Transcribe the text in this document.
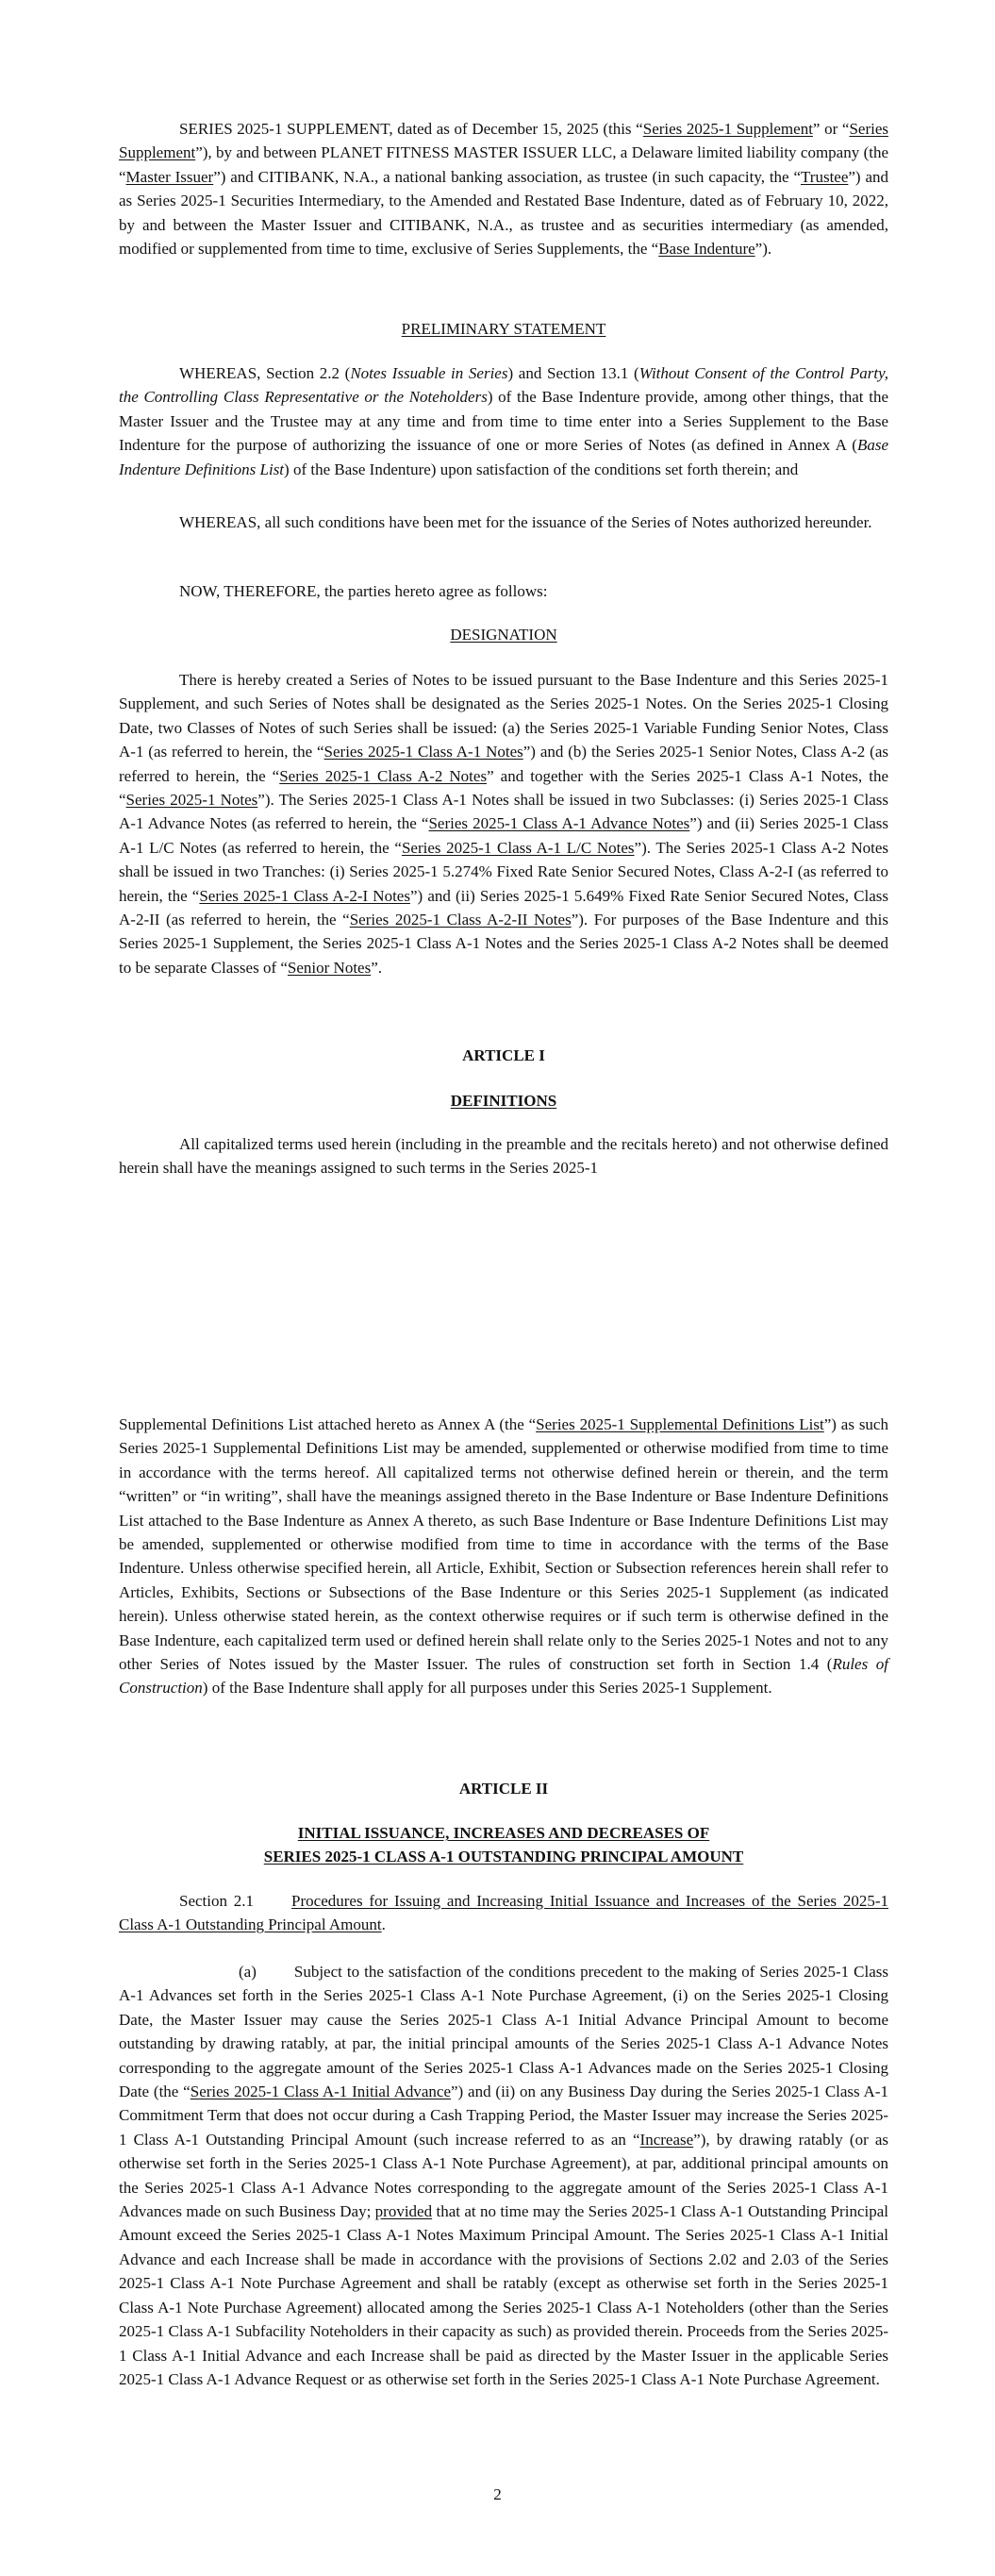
SERIES 2025-1 SUPPLEMENT, dated as of December 15, 2025 (this “Series 2025-1 Supplement” or “Series Supplement”), by and between PLANET FITNESS MASTER ISSUER LLC, a Delaware limited liability company (the “Master Issuer”) and CITIBANK, N.A., a national banking association, as trustee (in such capacity, the “Trustee”) and as Series 2025-1 Securities Intermediary, to the Amended and Restated Base Indenture, dated as of February 10, 2022, by and between the Master Issuer and CITIBANK, N.A., as trustee and as securities intermediary (as amended, modified or supplemented from time to time, exclusive of Series Supplements, the “Base Indenture”).

PRELIMINARY STATEMENT

WHEREAS, Section 2.2 (Notes Issuable in Series) and Section 13.1 (Without Consent of the Control Party, the Controlling Class Representative or the Noteholders) of the Base Indenture provide, among other things, that the Master Issuer and the Trustee may at any time and from time to time enter into a Series Supplement to the Base Indenture for the purpose of authorizing the issuance of one or more Series of Notes (as defined in Annex A (Base Indenture Definitions List) of the Base Indenture) upon satisfaction of the conditions set forth therein; and

WHEREAS, all such conditions have been met for the issuance of the Series of Notes authorized hereunder.

NOW, THEREFORE, the parties hereto agree as follows:

DESIGNATION

There is hereby created a Series of Notes to be issued pursuant to the Base Indenture and this Series 2025-1 Supplement, and such Series of Notes shall be designated as the Series 2025-1 Notes. On the Series 2025-1 Closing Date, two Classes of Notes of such Series shall be issued: (a) the Series 2025-1 Variable Funding Senior Notes, Class A-1 (as referred to herein, the “Series 2025-1 Class A-1 Notes”) and (b) the Series 2025-1 Senior Notes, Class A-2 (as referred to herein, the “Series 2025-1 Class A-2 Notes” and together with the Series 2025-1 Class A-1 Notes, the “Series 2025-1 Notes”). The Series 2025-1 Class A-1 Notes shall be issued in two Subclasses: (i) Series 2025-1 Class A-1 Advance Notes (as referred to herein, the “Series 2025-1 Class A-1 Advance Notes”) and (ii) Series 2025-1 Class A-1 L/C Notes (as referred to herein, the “Series 2025-1 Class A-1 L/C Notes”). The Series 2025-1 Class A-2 Notes shall be issued in two Tranches: (i) Series 2025-1 5.274% Fixed Rate Senior Secured Notes, Class A-2-I (as referred to herein, the “Series 2025-1 Class A-2-I Notes”) and (ii) Series 2025-1 5.649% Fixed Rate Senior Secured Notes, Class A-2-II (as referred to herein, the “Series 2025-1 Class A-2-II Notes”). For purposes of the Base Indenture and this Series 2025-1 Supplement, the Series 2025-1 Class A-1 Notes and the Series 2025-1 Class A-2 Notes shall be deemed to be separate Classes of “Senior Notes”.

ARTICLE I
DEFINITIONS

All capitalized terms used herein (including in the preamble and the recitals hereto) and not otherwise defined herein shall have the meanings assigned to such terms in the Series 2025-1

Supplemental Definitions List attached hereto as Annex A (the “Series 2025-1 Supplemental Definitions List”) as such Series 2025-1 Supplemental Definitions List may be amended, supplemented or otherwise modified from time to time in accordance with the terms hereof. All capitalized terms not otherwise defined herein or therein, and the term “written” or “in writing”, shall have the meanings assigned thereto in the Base Indenture or Base Indenture Definitions List attached to the Base Indenture as Annex A thereto, as such Base Indenture or Base Indenture Definitions List may be amended, supplemented or otherwise modified from time to time in accordance with the terms of the Base Indenture. Unless otherwise specified herein, all Article, Exhibit, Section or Subsection references herein shall refer to Articles, Exhibits, Sections or Subsections of the Base Indenture or this Series 2025-1 Supplement (as indicated herein). Unless otherwise stated herein, as the context otherwise requires or if such term is otherwise defined in the Base Indenture, each capitalized term used or defined herein shall relate only to the Series 2025-1 Notes and not to any other Series of Notes issued by the Master Issuer. The rules of construction set forth in Section 1.4 (Rules of Construction) of the Base Indenture shall apply for all purposes under this Series 2025-1 Supplement.

ARTICLE II
INITIAL ISSUANCE, INCREASES AND DECREASES OF
SERIES 2025-1 CLASS A-1 OUTSTANDING PRINCIPAL AMOUNT

Section 2.1 Procedures for Issuing and Increasing Initial Issuance and Increases of the Series 2025-1 Class A-1 Outstanding Principal Amount.

(a) Subject to the satisfaction of the conditions precedent to the making of Series 2025-1 Class A-1 Advances set forth in the Series 2025-1 Class A-1 Note Purchase Agreement, (i) on the Series 2025-1 Closing Date, the Master Issuer may cause the Series 2025-1 Class A-1 Initial Advance Principal Amount to become outstanding by drawing ratably, at par, the initial principal amounts of the Series 2025-1 Class A-1 Advance Notes corresponding to the aggregate amount of the Series 2025-1 Class A-1 Advances made on the Series 2025-1 Closing Date (the “Series 2025-1 Class A-1 Initial Advance”) and (ii) on any Business Day during the Series 2025-1 Class A-1 Commitment Term that does not occur during a Cash Trapping Period, the Master Issuer may increase the Series 2025-1 Class A-1 Outstanding Principal Amount (such increase referred to as an “Increase”), by drawing ratably (or as otherwise set forth in the Series 2025-1 Class A-1 Note Purchase Agreement), at par, additional principal amounts on the Series 2025-1 Class A-1 Advance Notes corresponding to the aggregate amount of the Series 2025-1 Class A-1 Advances made on such Business Day; provided that at no time may the Series 2025-1 Class A-1 Outstanding Principal Amount exceed the Series 2025-1 Class A-1 Notes Maximum Principal Amount. The Series 2025-1 Class A-1 Initial Advance and each Increase shall be made in accordance with the provisions of Sections 2.02 and 2.03 of the Series 2025-1 Class A-1 Note Purchase Agreement and shall be ratably (except as otherwise set forth in the Series 2025-1 Class A-1 Note Purchase Agreement) allocated among the Series 2025-1 Class A-1 Noteholders (other than the Series 2025-1 Class A-1 Subfacility Noteholders in their capacity as such) as provided therein. Proceeds from the Series 2025-1 Class A-1 Initial Advance and each Increase shall be paid as directed by the Master Issuer in the applicable Series 2025-1 Class A-1 Advance Request or as otherwise set forth in the Series 2025-1 Class A-1 Note Purchase Agreement.

2
